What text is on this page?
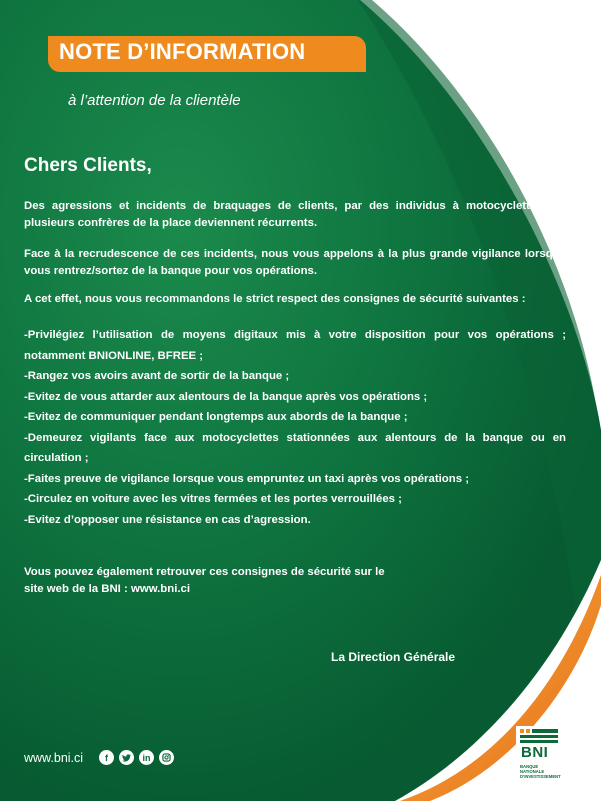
NOTE D’INFORMATION
à l’attention de la clientèle
Chers Clients,

Des agressions et incidents de braquages de clients, par des individus à motocyclettes, de plusieurs confrères de la place deviennent récurrents.

Face à la recrudescence de ces incidents, nous vous appelons à la plus grande vigilance lorsque vous rentrez/sortez de la banque pour vos opérations.

A cet effet, nous vous recommandons le strict respect des consignes de sécurité suivantes :

-Privilégiez l’utilisation de moyens digitaux mis à votre disposition pour vos opérations ; notamment BNIONLINE, BFREE ;

-Rangez vos avoirs avant de sortir de la banque ;

-Evitez de vous attarder aux alentours de la banque après vos opérations ;

-Evitez de communiquer pendant longtemps aux abords de la banque ;

-Demeurez vigilants face aux motocyclettes stationnées aux alentours de la banque ou en circulation ;

-Faites preuve de vigilance lorsque vous empruntez un taxi après vos opérations ;

-Circulez en voiture avec les vitres fermées et les portes verrouillées ;

-Evitez d’opposer une résistance en cas d’agression.

Vous pouvez également retrouver ces consignes de sécurité sur le

site web de la BNI : www.bni.ci

La Direction Générale
www.bni.ci	f	in	BNI
BANQUE NATIONALE D’INVESTISSEMENT
